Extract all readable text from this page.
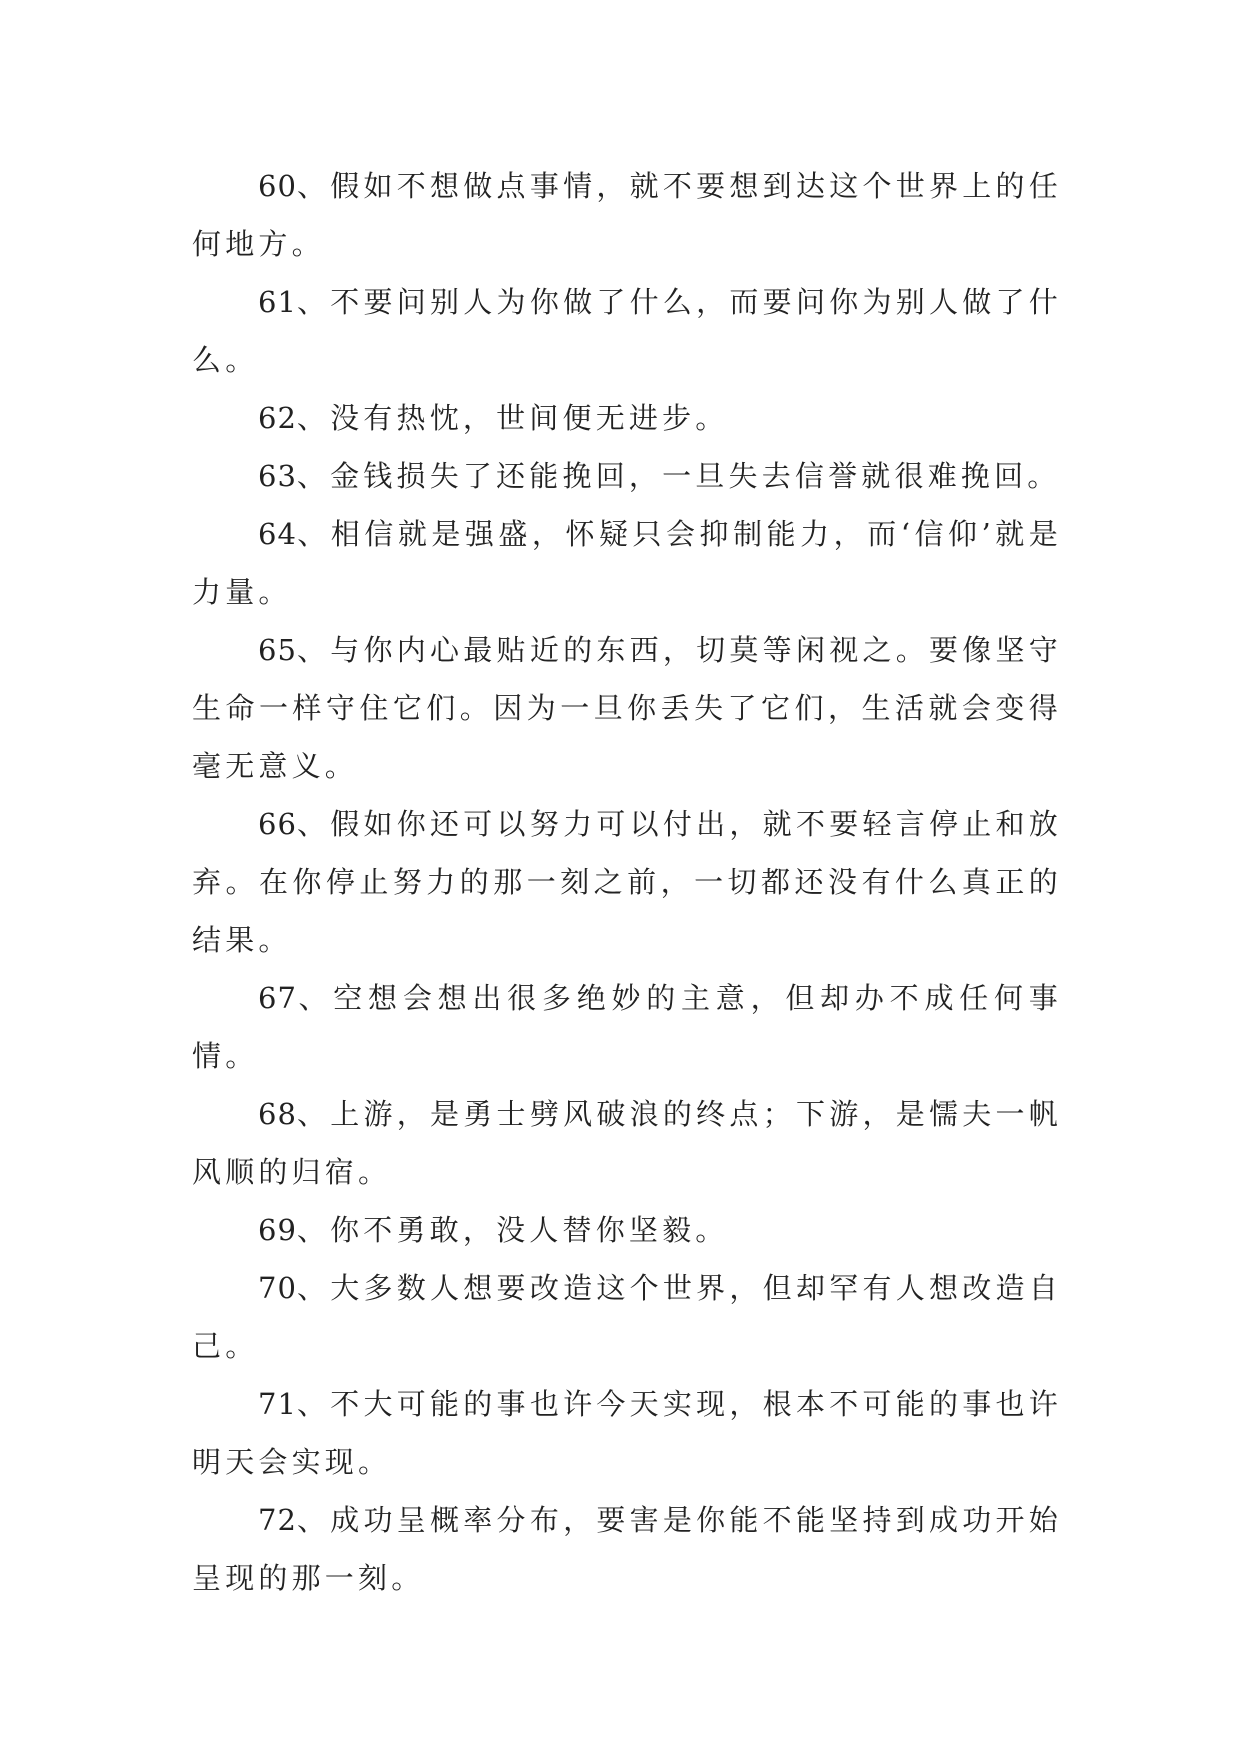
60、假如不想做点事情，就不要想到达这个世界上的任何地方。

61、不要问别人为你做了什么，而要问你为别人做了什么。

62、没有热忱，世间便无进步。

63、金钱损失了还能挽回，一旦失去信誉就很难挽回。

64、相信就是强盛，怀疑只会抑制能力，而‘信仰’就是力量。

65、与你内心最贴近的东西，切莫等闲视之。要像坚守生命一样守住它们。因为一旦你丢失了它们，生活就会变得毫无意义。

66、假如你还可以努力可以付出，就不要轻言停止和放弃。在你停止努力的那一刻之前，一切都还没有什么真正的结果。

67、空想会想出很多绝妙的主意，但却办不成任何事情。

68、上游，是勇士劈风破浪的终点；下游，是懦夫一帆风顺的归宿。

69、你不勇敢，没人替你坚毅。

70、大多数人想要改造这个世界，但却罕有人想改造自己。

71、不大可能的事也许今天实现，根本不可能的事也许明天会实现。

72、成功呈概率分布，要害是你能不能坚持到成功开始呈现的那一刻。
